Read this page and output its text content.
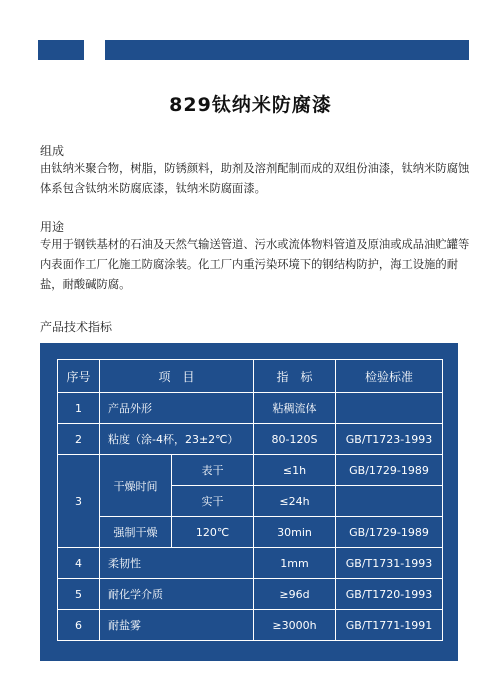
829钛纳米防腐漆
组成
由钛纳米聚合物，树脂，防锈颜料，助剂及溶剂配制而成的双组份油漆，钛纳米防腐蚀体系包含钛纳米防腐底漆，钛纳米防腐面漆。
用途
专用于钢铁基材的石油及天然气输送管道、污水或流体物料管道及原油或成品油贮罐等内表面作工厂化施工防腐涂装。化工厂内重污染环境下的钢结构防护，海工设施的耐盐，耐酸碱防腐。
产品技术指标
序号	项　目		指　标	检验标准
1	产品外形		粘稠流体	
2	粘度（涂-4杯，23±2℃）		80-120S	GB/T1723-1993
3	干燥时间	表干	≤1h	GB/1729-1989
		实干	≤24h	
	强制干燥	120℃	30min	GB/1729-1989
4	柔韧性		1mm	GB/T1731-1993
5	耐化学介质		≥96d	GB/T1720-1993
6	耐盐雾		≥3000h	GB/T1771-1991
